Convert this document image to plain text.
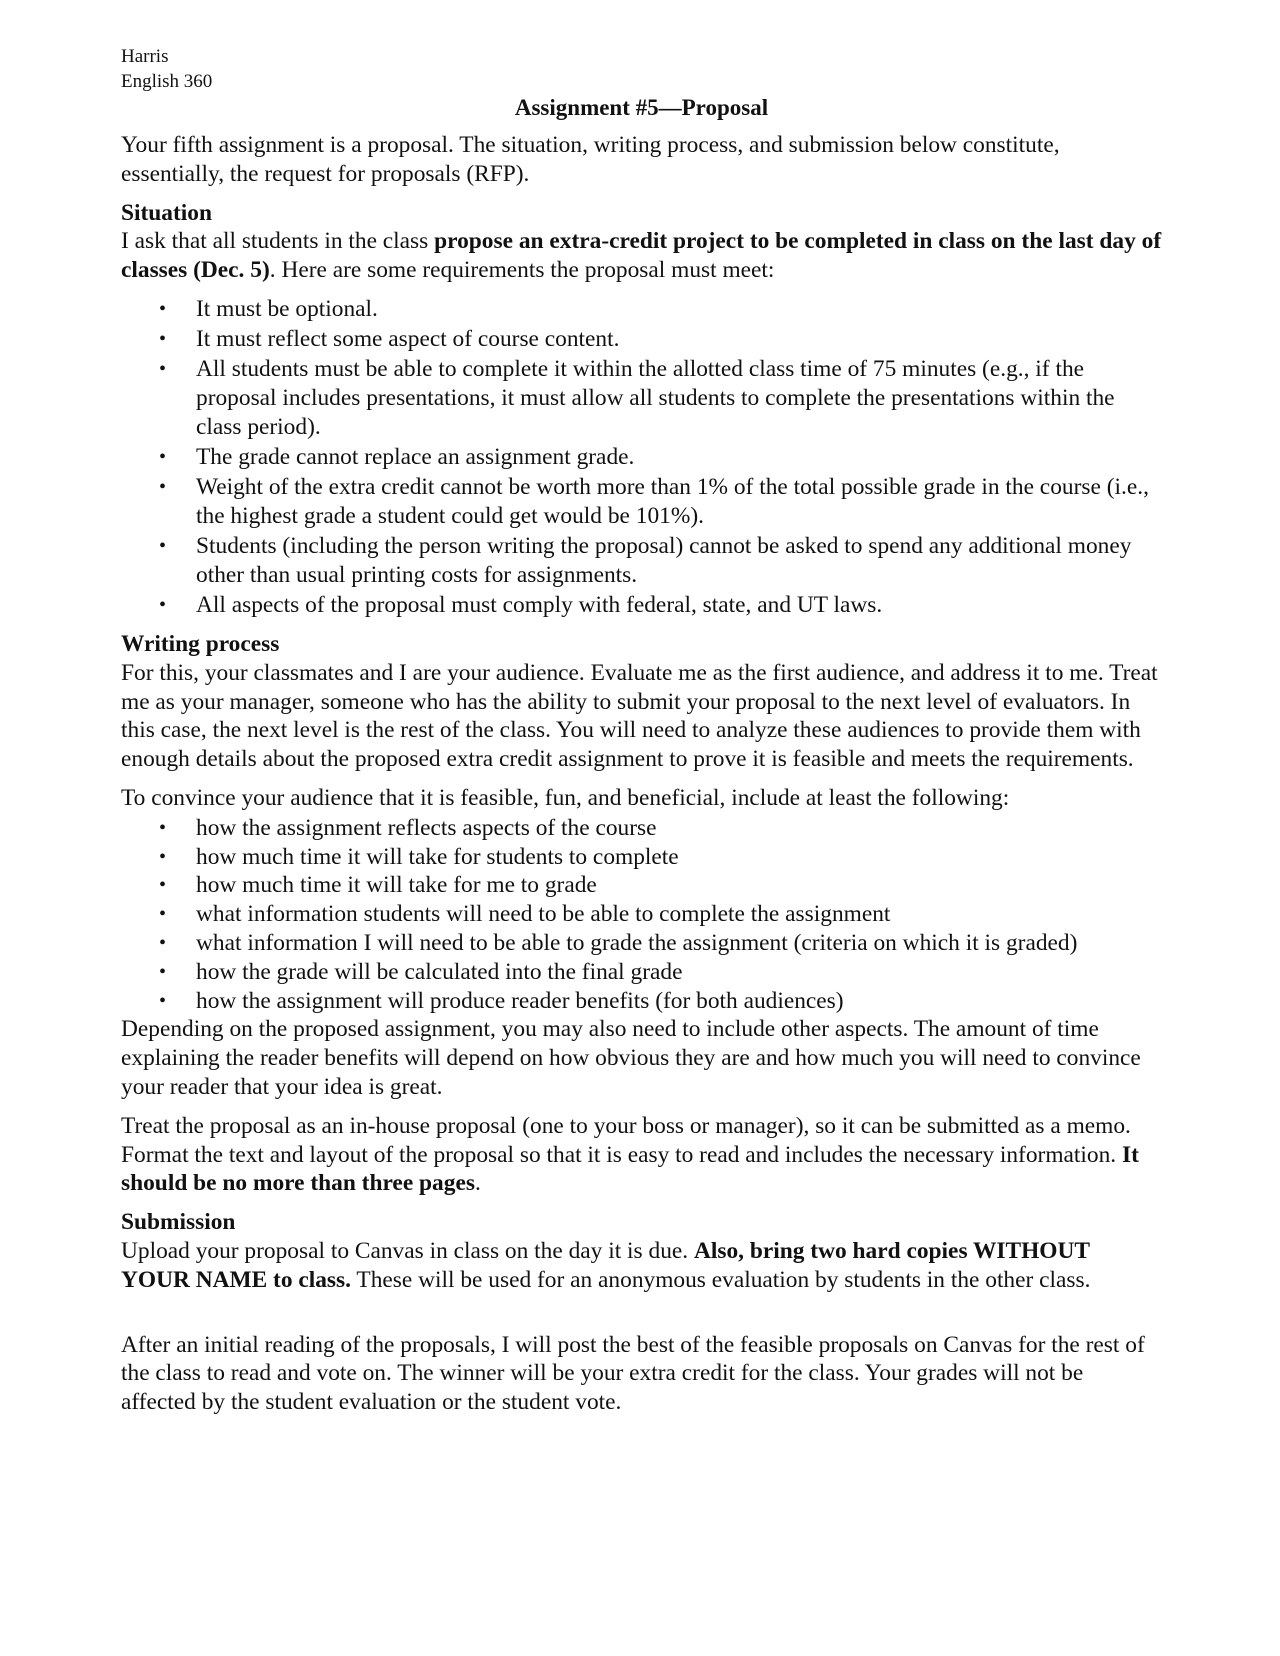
Harris
English 360
Assignment #5—Proposal

Your fifth assignment is a proposal. The situation, writing process, and submission below constitute, essentially, the request for proposals (RFP).

Situation

I ask that all students in the class propose an extra-credit project to be completed in class on the last day of classes (Dec. 5). Here are some requirements the proposal must meet:

• It must be optional.
• It must reflect some aspect of course content.
• All students must be able to complete it within the allotted class time of 75 minutes (e.g., if the proposal includes presentations, it must allow all students to complete the presentations within the class period).
• The grade cannot replace an assignment grade.
• Weight of the extra credit cannot be worth more than 1% of the total possible grade in the course (i.e., the highest grade a student could get would be 101%).
• Students (including the person writing the proposal) cannot be asked to spend any additional money other than usual printing costs for assignments.
• All aspects of the proposal must comply with federal, state, and UT laws.
Writing process

For this, your classmates and I are your audience. Evaluate me as the first audience, and address it to me. Treat me as your manager, someone who has the ability to submit your proposal to the next level of evaluators. In this case, the next level is the rest of the class. You will need to analyze these audiences to provide them with enough details about the proposed extra credit assignment to prove it is feasible and meets the requirements.

To convince your audience that it is feasible, fun, and beneficial, include at least the following:

• how the assignment reflects aspects of the course
• how much time it will take for students to complete
• how much time it will take for me to grade
• what information students will need to be able to complete the assignment
• what information I will need to be able to grade the assignment (criteria on which it is graded)
• how the grade will be calculated into the final grade
• how the assignment will produce reader benefits (for both audiences)

Depending on the proposed assignment, you may also need to include other aspects. The amount of time explaining the reader benefits will depend on how obvious they are and how much you will need to convince your reader that your idea is great.

Treat the proposal as an in-house proposal (one to your boss or manager), so it can be submitted as a memo. Format the text and layout of the proposal so that it is easy to read and includes the necessary information. It should be no more than three pages.

Submission

Upload your proposal to Canvas in class on the day it is due. Also, bring two hard copies WITHOUT YOUR NAME to class. These will be used for an anonymous evaluation by students in the other class.

After an initial reading of the proposals, I will post the best of the feasible proposals on Canvas for the rest of the class to read and vote on. The winner will be your extra credit for the class. Your grades will not be affected by the student evaluation or the student vote.
